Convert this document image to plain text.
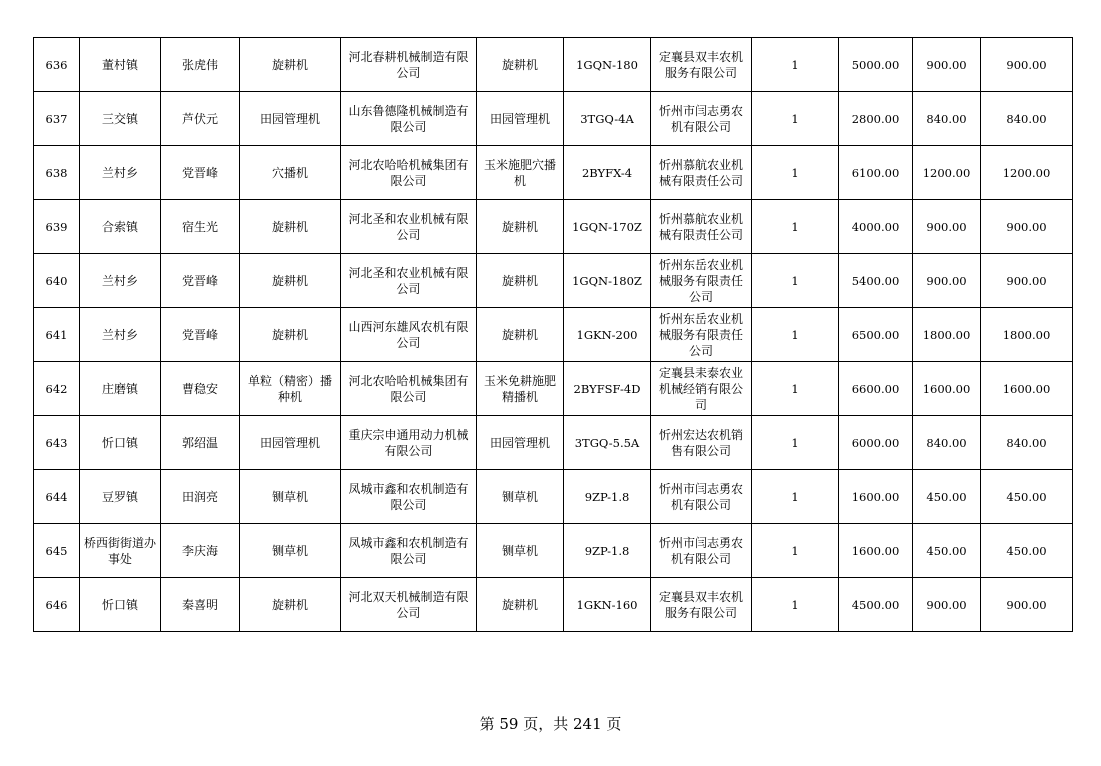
636	董村镇	张虎伟	旋耕机	河北春耕机械制造有限公司	旋耕机	1GQN-180	定襄县双丰农机服务有限公司	1	5000.00	900.00	900.00
637	三交镇	芦伏元	田园管理机	山东鲁德隆机械制造有限公司	田园管理机	3TGQ-4A	忻州市闫志勇农机有限公司	1	2800.00	840.00	840.00
638	兰村乡	党晋峰	穴播机	河北农哈哈机械集团有限公司	玉米施肥穴播机	2BYFX-4	忻州慕航农业机械有限责任公司	1	6100.00	1200.00	1200.00
639	合索镇	宿生光	旋耕机	河北圣和农业机械有限公司	旋耕机	1GQN-170Z	忻州慕航农业机械有限责任公司	1	4000.00	900.00	900.00
640	兰村乡	党晋峰	旋耕机	河北圣和农业机械有限公司	旋耕机	1GQN-180Z	忻州东岳农业机械服务有限责任公司	1	5400.00	900.00	900.00
641	兰村乡	党晋峰	旋耕机	山西河东雄风农机有限公司	旋耕机	1GKN-200	忻州东岳农业机械服务有限责任公司	1	6500.00	1800.00	1800.00
642	庄磨镇	曹稳安	单粒（精密）播种机	河北农哈哈机械集团有限公司	玉米免耕施肥精播机	2BYFSF-4D	定襄县耒泰农业机械经销有限公司	1	6600.00	1600.00	1600.00
643	忻口镇	郭绍温	田园管理机	重庆宗申通用动力机械有限公司	田园管理机	3TGQ-5.5A	忻州宏达农机销售有限公司	1	6000.00	840.00	840.00
644	豆罗镇	田润亮	铡草机	凤城市鑫和农机制造有限公司	铡草机	9ZP-1.8	忻州市闫志勇农机有限公司	1	1600.00	450.00	450.00
645	桥西街街道办事处	李庆海	铡草机	凤城市鑫和农机制造有限公司	铡草机	9ZP-1.8	忻州市闫志勇农机有限公司	1	1600.00	450.00	450.00
646	忻口镇	秦喜明	旋耕机	河北双天机械制造有限公司	旋耕机	1GKN-160	定襄县双丰农机服务有限公司	1	4500.00	900.00	900.00
第 59 页，共 241 页
